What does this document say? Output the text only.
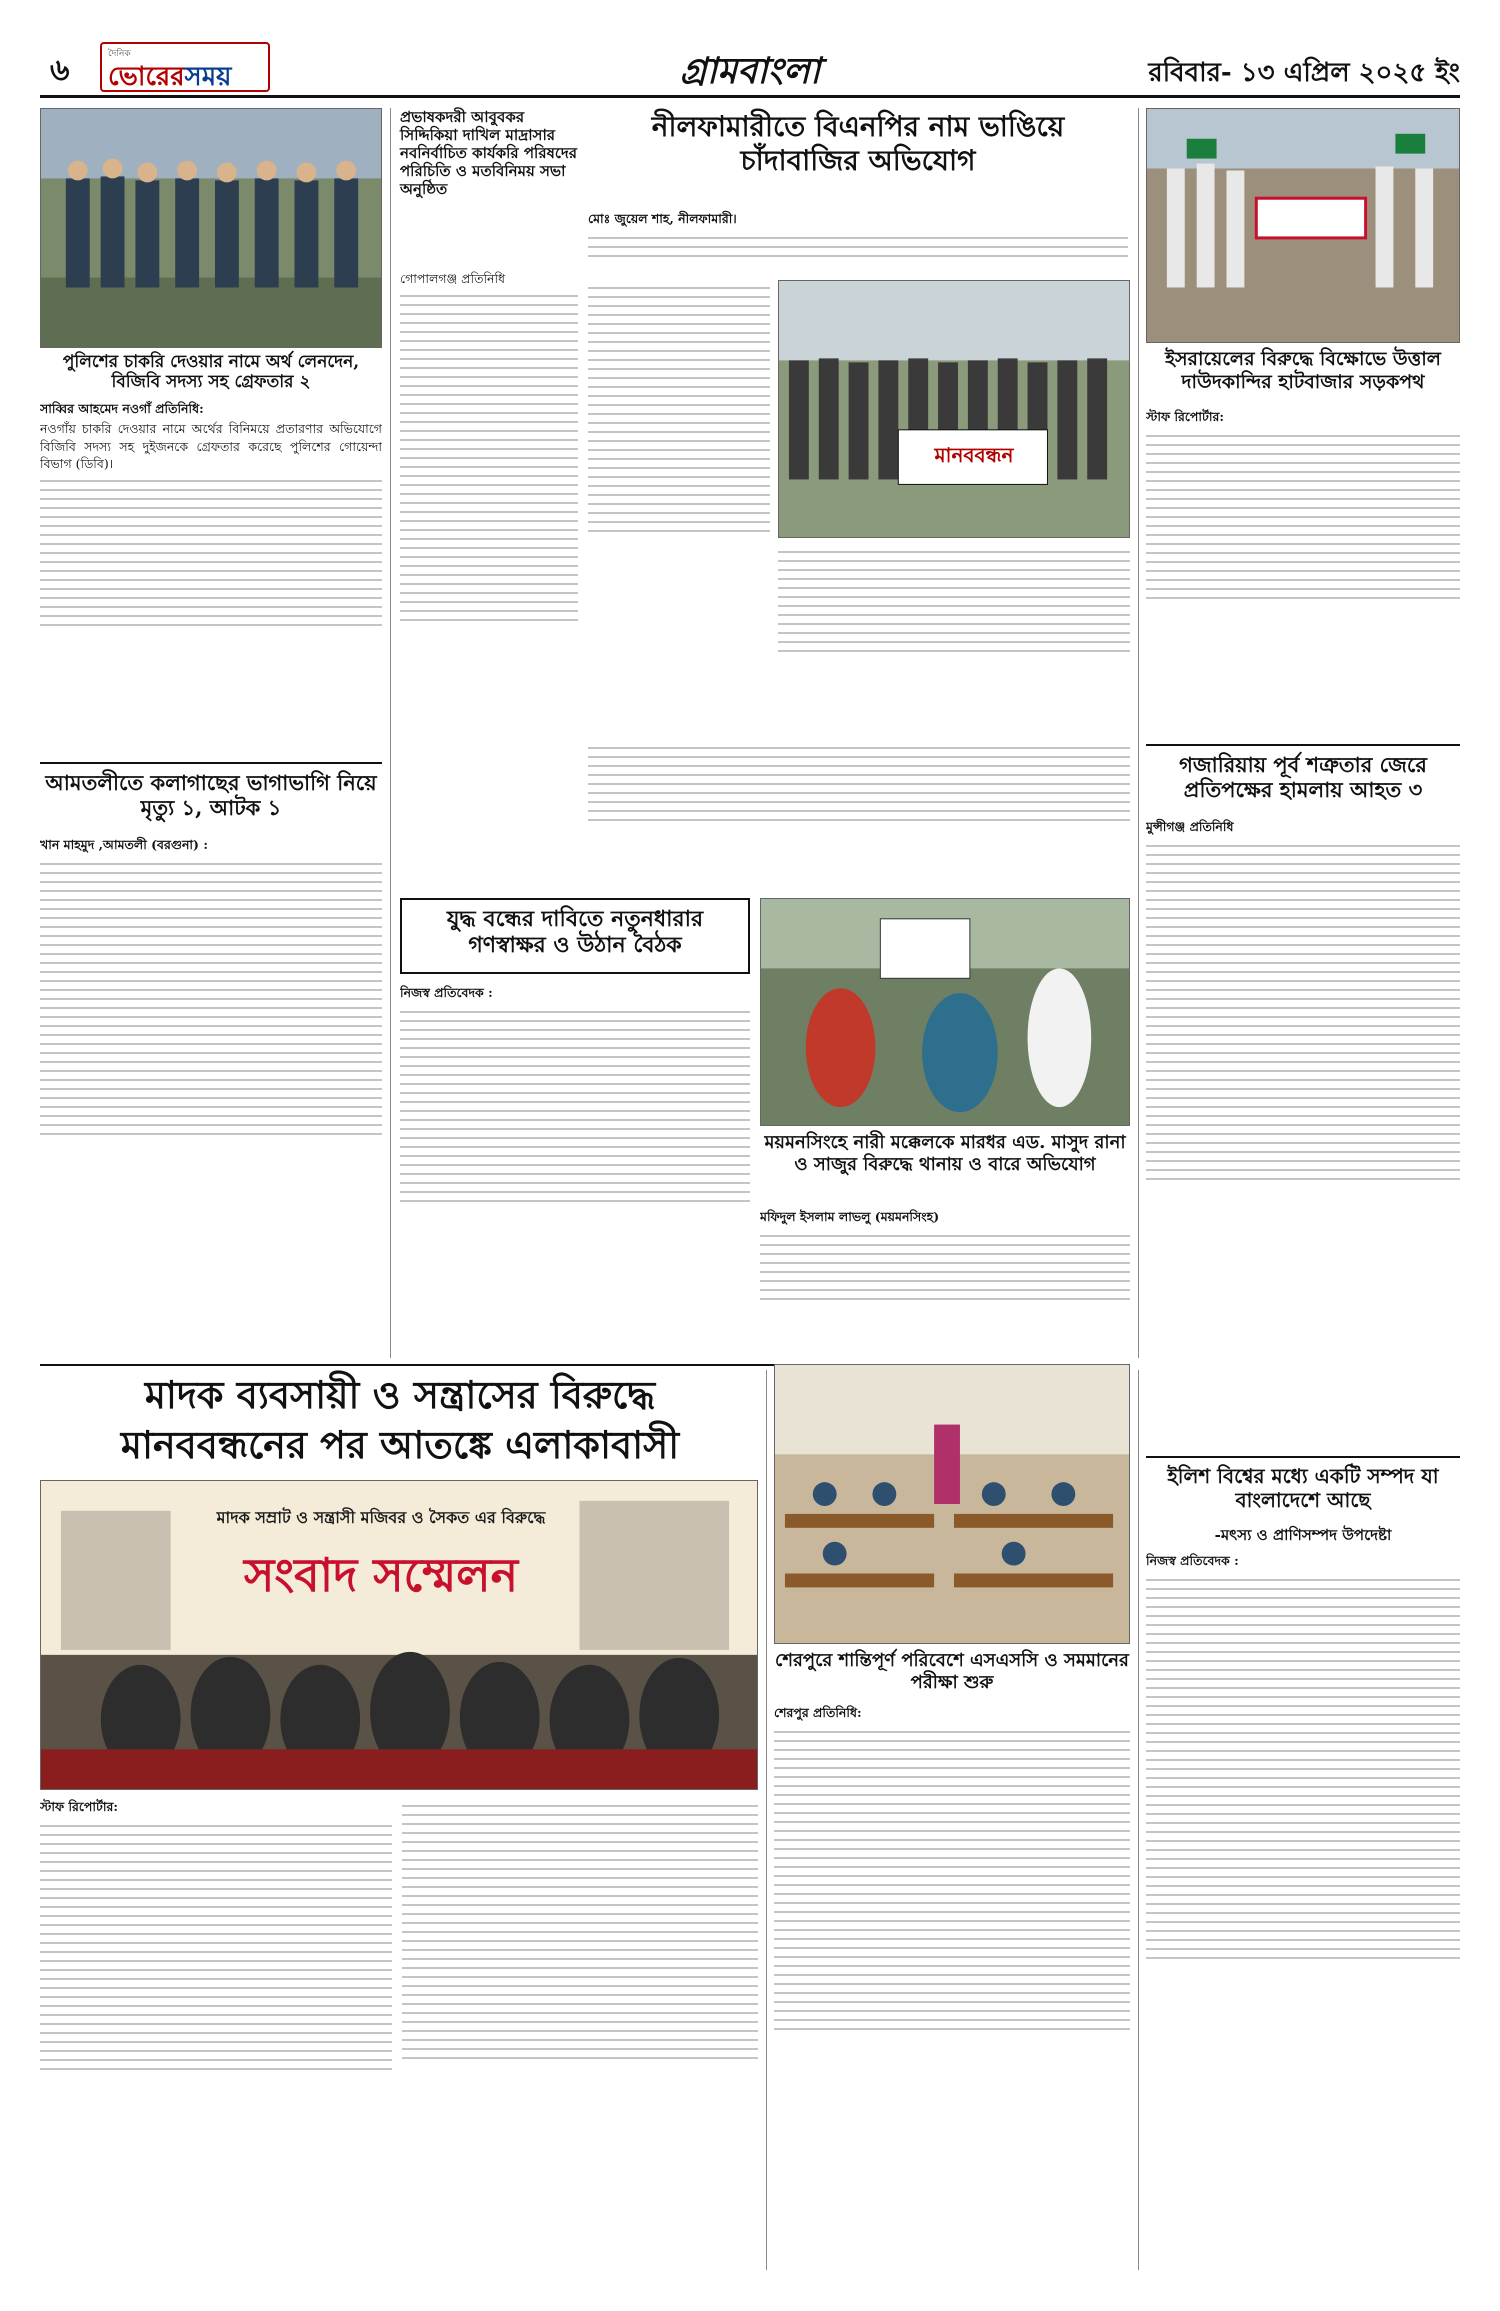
৬	দৈনিক
ভোরেরসময়	গ্রামবাংলা	রবিবার- ১৩ এপ্রিল ২০২৫ ইং
পুলিশের চাকরি দেওয়ার নামে অর্থ লেনদেন, বিজিবি সদস্য সহ গ্রেফতার ২
সাব্বির আহমেদ নওগাঁ প্রতিনিধি:
নওগাঁয় চাকরি দেওয়ার নামে অর্থের বিনিময়ে প্রতারণার অভিযোগে বিজিবি সদস্য সহ দুইজনকে গ্রেফতার করেছে পুলিশের গোয়েন্দা বিভাগ (ডিবি)।
আমতলীতে কলাগাছের ভাগাভাগি নিয়ে মৃত্যু ১, আটক ১
খান মাহমুদ ,আমতলী (বরগুনা) :
প্রভাষকদরী আবুবকর সিদ্দিকিয়া দাখিল মাদ্রাসার নবনির্বাচিত কার্যকরি পরিষদের পরিচিতি ও মতবিনিময় সভা অনুষ্ঠিত
গোপালগঞ্জ প্রতিনিধি
নীলফামারীতে বিএনপির নাম ভাঙিয়ে চাঁদাবাজির অভিযোগ
মোঃ জুয়েল শাহ, নীলফামারী।
মানববন্ধন
ইসরায়েলের বিরুদ্ধে বিক্ষোভে উত্তাল দাউদকান্দির হাটবাজার সড়কপথ
স্টাফ রিপোর্টার:
গজারিয়ায় পূর্ব শত্রুতার জেরে প্রতিপক্ষের হামলায় আহত ৩
মুন্সীগঞ্জ প্রতিনিধি
যুদ্ধ বন্ধের দাবিতে নতুনধারার গণস্বাক্ষর ও উঠান বৈঠক
নিজস্ব প্রতিবেদক :
ময়মনসিংহে নারী মক্কেলকে মারধর এড. মাসুদ রানা ও সাজুর বিরুদ্ধে থানায় ও বারে অভিযোগ
মফিদুল ইসলাম লাভলু (ময়মনসিংহ)
মাদক ব্যবসায়ী ও সন্ত্রাসের বিরুদ্ধে
মানববন্ধনের পর আতঙ্কে এলাকাবাসী
মাদক সম্রাট ও সন্ত্রাসী মজিবর ও সৈকত এর বিরুদ্ধে
সংবাদ সম্মেলন
স্টাফ রিপোর্টার:
শেরপুরে শান্তিপূর্ণ পরিবেশে এসএসসি ও সমমানের পরীক্ষা শুরু
শেরপুর প্রতিনিধি:
ইলিশ বিশ্বের মধ্যে একটি সম্পদ যা বাংলাদেশে আছে
-মৎস্য ও প্রাণিসম্পদ উপদেষ্টা
নিজস্ব প্রতিবেদক :
